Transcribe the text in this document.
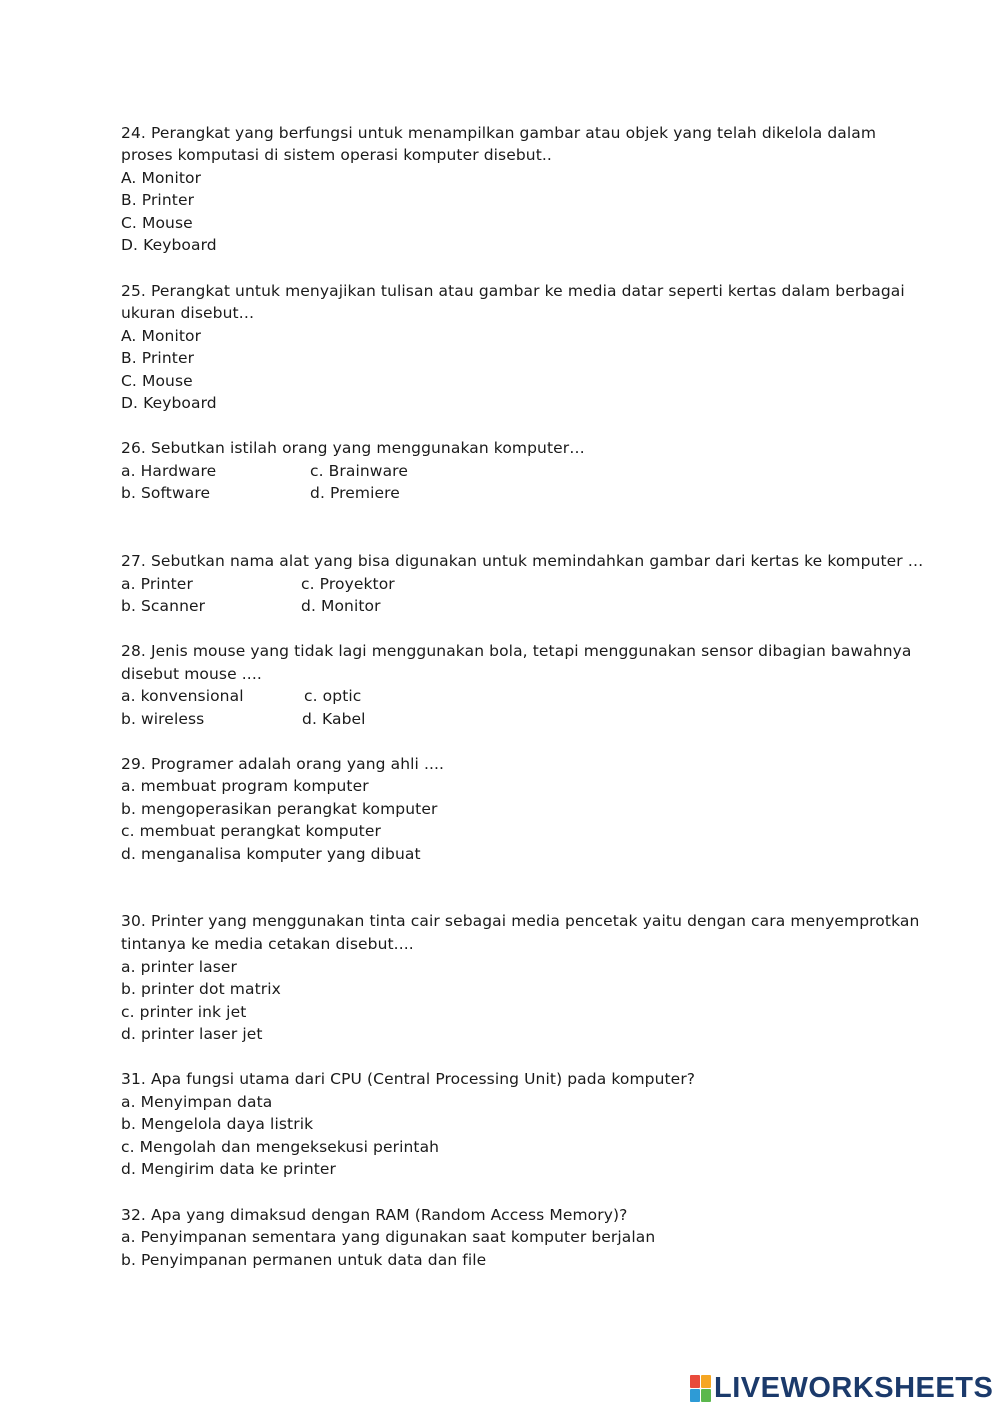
24. Perangkat yang berfungsi untuk menampilkan gambar atau objek yang telah dikelola dalam
proses komputasi di sistem operasi komputer disebut..
A. Monitor
B. Printer
C. Mouse
D. Keyboard
25. Perangkat untuk menyajikan tulisan atau gambar ke media datar seperti kertas dalam berbagai
ukuran disebut…
A. Monitor
B. Printer
C. Mouse
D. Keyboard
26. Sebutkan istilah orang yang menggunakan komputer…
a. Hardware	c. Brainware
b. Software	d. Premiere
27. Sebutkan nama alat yang bisa digunakan untuk memindahkan gambar dari kertas ke komputer …
a. Printer	c. Proyektor
b. Scanner	d. Monitor
28. Jenis mouse yang tidak lagi menggunakan bola, tetapi menggunakan sensor dibagian bawahnya
disebut mouse ....
a. konvensional	c. optic
b. wireless	d. Kabel
29. Programer adalah orang yang ahli ....
a. membuat program komputer
b. mengoperasikan perangkat komputer
c. membuat perangkat komputer
d. menganalisa komputer yang dibuat
30. Printer yang menggunakan tinta cair sebagai media pencetak yaitu dengan cara menyemprotkan
tintanya ke media cetakan disebut....
a. printer laser
b. printer dot matrix
c. printer ink jet
d. printer laser jet
31. Apa fungsi utama dari CPU (Central Processing Unit) pada komputer?
a. Menyimpan data
b. Mengelola daya listrik
c. Mengolah dan mengeksekusi perintah
d. Mengirim data ke printer
32. Apa yang dimaksud dengan RAM (Random Access Memory)?
a. Penyimpanan sementara yang digunakan saat komputer berjalan
b. Penyimpanan permanen untuk data dan file
LIVEWORKSHEETS
